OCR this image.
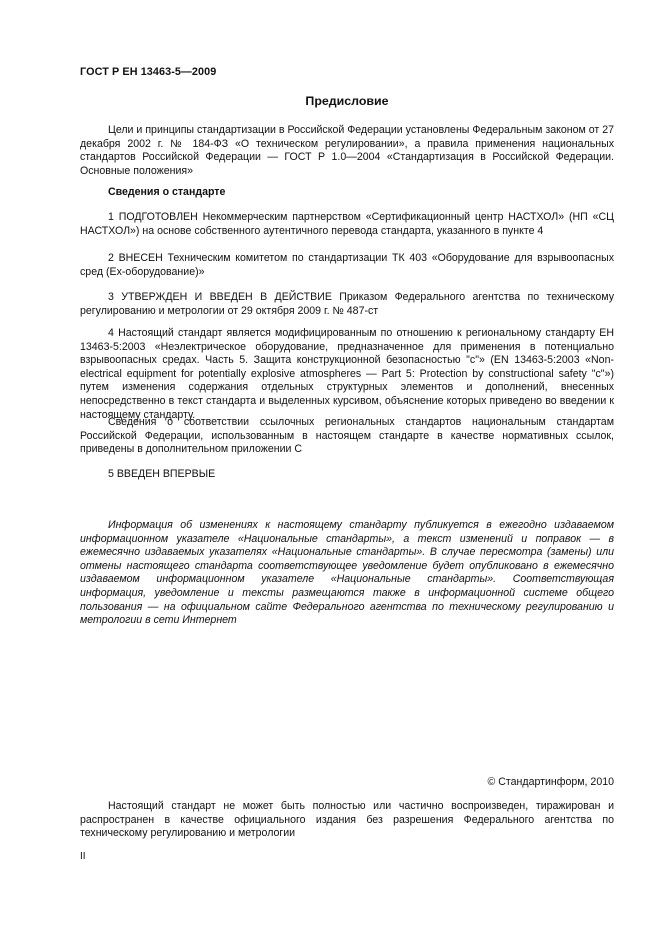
ГОСТ Р ЕН 13463-5—2009
Предисловие

Цели и принципы стандартизации в Российской Федерации установлены Федеральным законом от 27 декабря 2002 г. № 184-ФЗ «О техническом регулировании», а правила применения национальных стандартов Российской Федерации — ГОСТ Р 1.0—2004 «Стандартизация в Российской Федерации. Основные положения»

Сведения о стандарте

1 ПОДГОТОВЛЕН Некоммерческим партнерством «Сертификационный центр НАСТХОЛ» (НП «СЦ НАСТХОЛ») на основе собственного аутентичного перевода стандарта, указанного в пункте 4

2 ВНЕСЕН Техническим комитетом по стандартизации ТК 403 «Оборудование для взрывоопасных сред (Ех-оборудование)»

3 УТВЕРЖДЕН И ВВЕДЕН В ДЕЙСТВИЕ Приказом Федерального агентства по техническому регулированию и метрологии от 29 октября 2009 г. № 487-ст

4 Настоящий стандарт является модифицированным по отношению к региональному стандарту ЕН 13463-5:2003 «Неэлектрическое оборудование, предназначенное для применения в потенциально взрывоопасных средах. Часть 5. Защита конструкционной безопасностью "с"» (EN 13463-5:2003 «Non-electrical equipment for potentially explosive atmospheres — Part 5: Protection by constructional safety "c"») путем изменения содержания отдельных структурных элементов и дополнений, внесенных непосредственно в текст стандарта и выделенных курсивом, объяснение которых приведено во введении к настоящему стандарту.

Сведения о соответствии ссылочных региональных стандартов национальным стандартам Российской Федерации, использованным в настоящем стандарте в качестве нормативных ссылок, приведены в дополнительном приложении С

5 ВВЕДЕН ВПЕРВЫЕ

Информация об изменениях к настоящему стандарту публикуется в ежегодно издаваемом информационном указателе «Национальные стандарты», а текст изменений и поправок — в ежемесячно издаваемых указателях «Национальные стандарты». В случае пересмотра (замены) или отмены настоящего стандарта соответствующее уведомление будет опубликовано в ежемесячно издаваемом информационном указателе «Национальные стандарты». Соответствующая информация, уведомление и тексты размещаются также в информационной системе общего пользования — на официальном сайте Федерального агентства по техническому регулированию и метрологии в сети Интернет

© Стандартинформ, 2010

Настоящий стандарт не может быть полностью или частично воспроизведен, тиражирован и распространен в качестве официального издания без разрешения Федерального агентства по техническому регулированию и метрологии

II
